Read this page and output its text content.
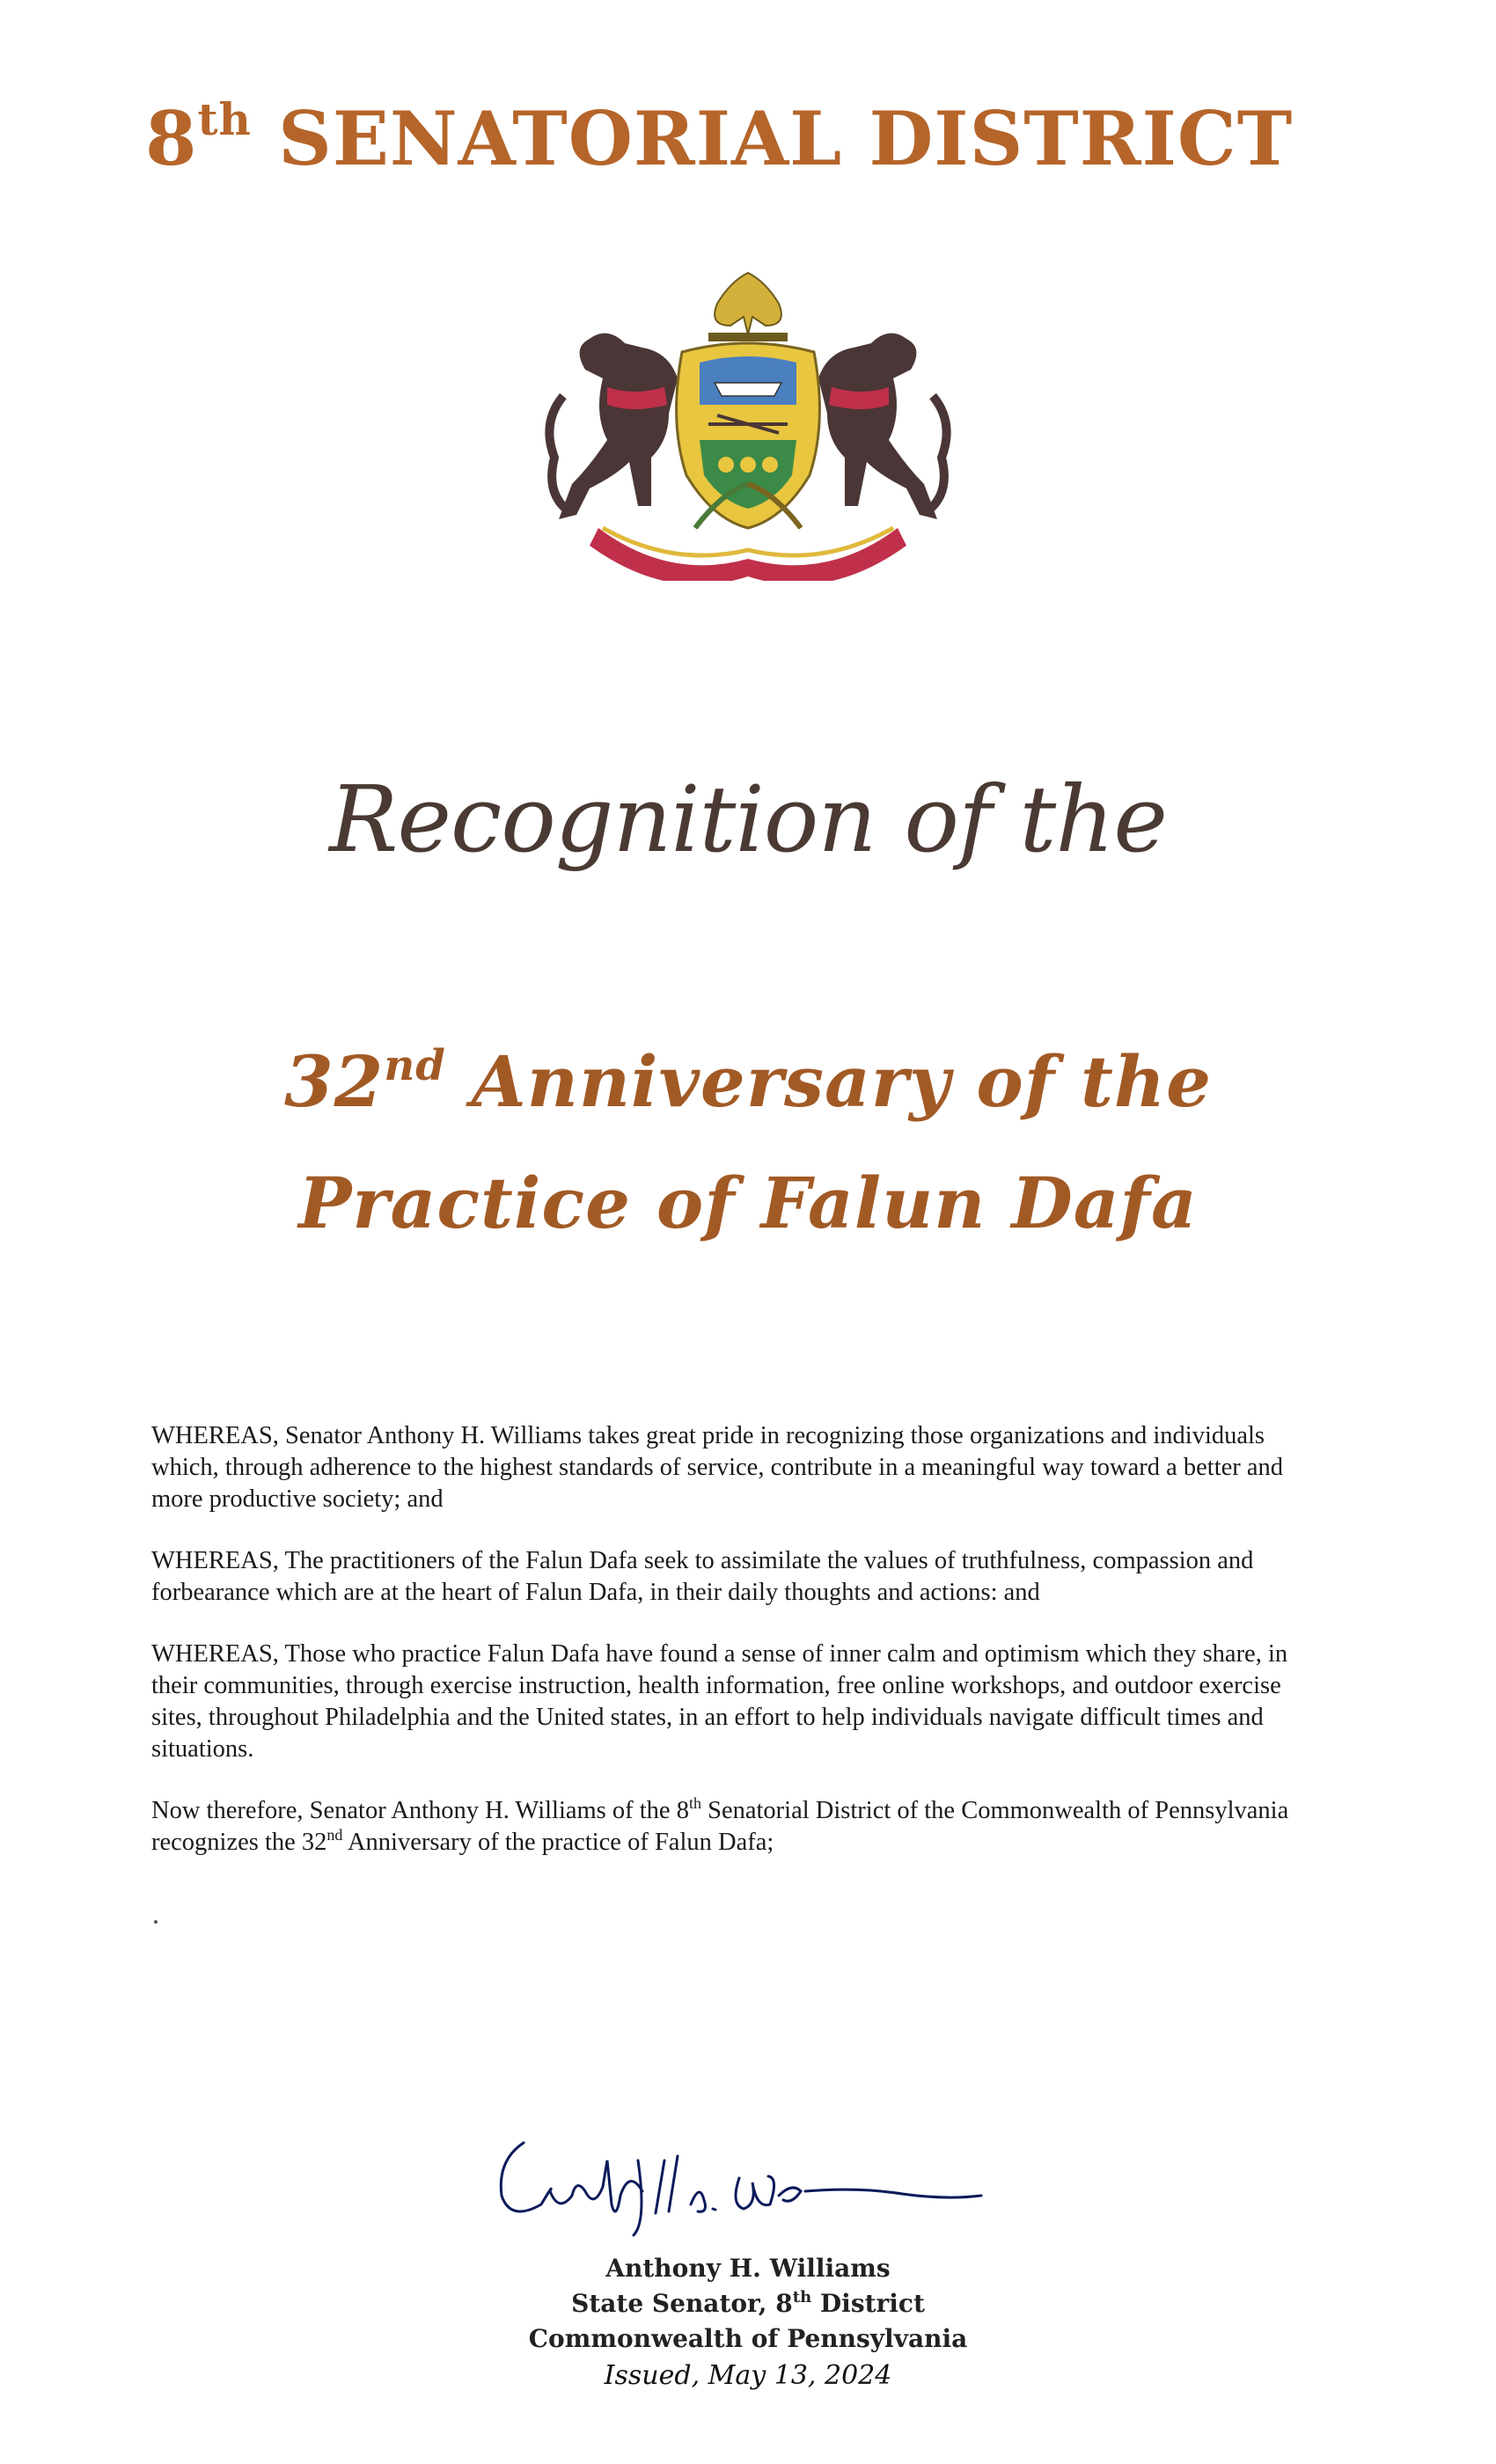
8th SENATORIAL DISTRICT
Recognition of the
32nd Anniversary of the
Practice of Falun Dafa

WHEREAS, Senator Anthony H. Williams takes great pride in recognizing those organizations and individuals which, through adherence to the highest standards of service, contribute in a meaningful way toward a better and more productive society; and

WHEREAS, The practitioners of the Falun Dafa seek to assimilate the values of truthfulness, compassion and forbearance which are at the heart of Falun Dafa, in their daily thoughts and actions: and

WHEREAS, Those who practice Falun Dafa have found a sense of inner calm and optimism which they share, in their communities, through exercise instruction, health information, free online workshops, and outdoor exercise sites, throughout Philadelphia and the United states, in an effort to help individuals navigate difficult times and situations.

Now therefore, Senator Anthony H. Williams of the 8th Senatorial District of the Commonwealth of Pennsylvania recognizes the 32nd Anniversary of the practice of Falun Dafa;

Anthony H. Williams
State Senator, 8th District
Commonwealth of Pennsylvania
Issued, May 13, 2024
